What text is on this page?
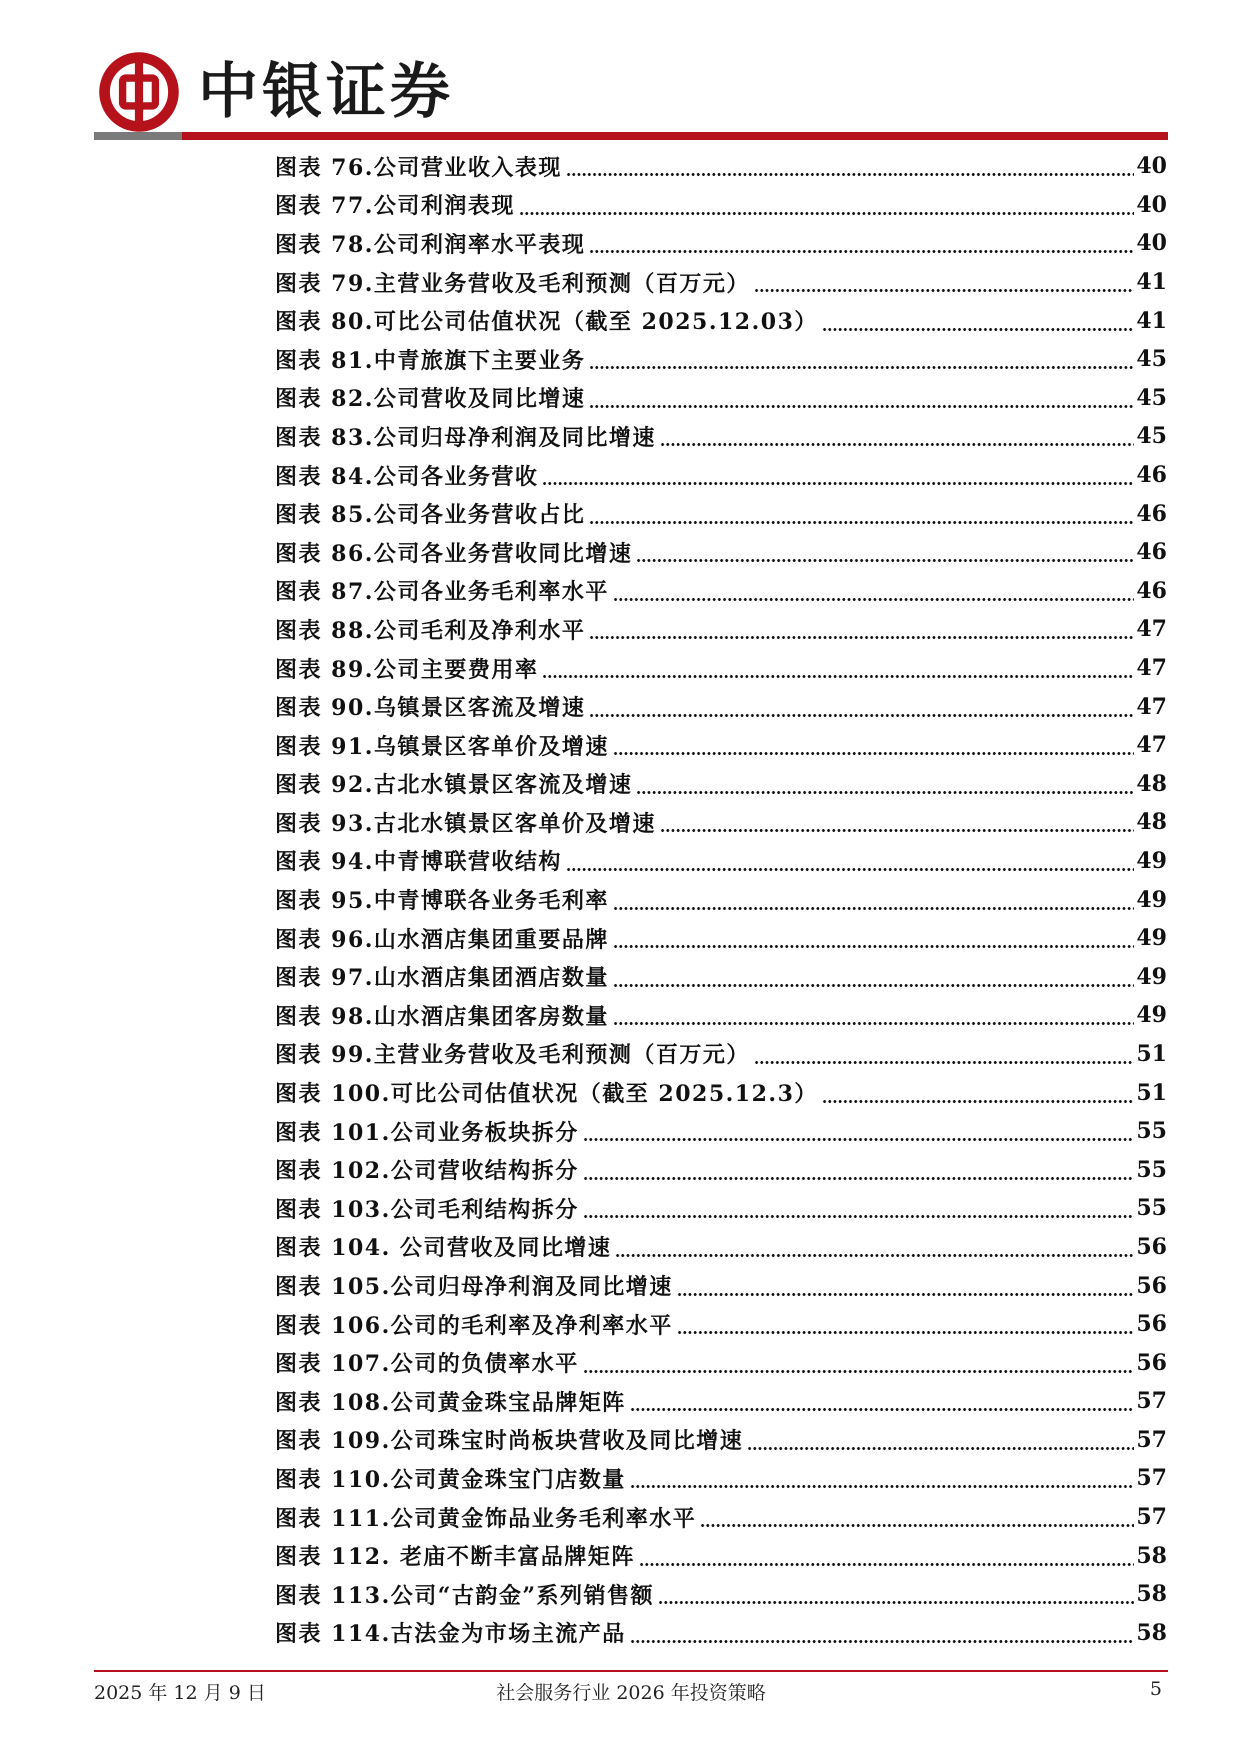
中银证券
图表 76.公司营业收入表现	40
图表 77.公司利润表现	40
图表 78.公司利润率水平表现	40
图表 79.主营业务营收及毛利预测（百万元）	41
图表 80.可比公司估值状况（截至 2025.12.03）	41
图表 81.中青旅旗下主要业务	45
图表 82.公司营收及同比增速	45
图表 83.公司归母净利润及同比增速	45
图表 84.公司各业务营收	46
图表 85.公司各业务营收占比	46
图表 86.公司各业务营收同比增速	46
图表 87.公司各业务毛利率水平	46
图表 88.公司毛利及净利水平	47
图表 89.公司主要费用率	47
图表 90.乌镇景区客流及增速	47
图表 91.乌镇景区客单价及增速	47
图表 92.古北水镇景区客流及增速	48
图表 93.古北水镇景区客单价及增速	48
图表 94.中青博联营收结构	49
图表 95.中青博联各业务毛利率	49
图表 96.山水酒店集团重要品牌	49
图表 97.山水酒店集团酒店数量	49
图表 98.山水酒店集团客房数量	49
图表 99.主营业务营收及毛利预测（百万元）	51
图表 100.可比公司估值状况（截至 2025.12.3）	51
图表 101.公司业务板块拆分	55
图表 102.公司营收结构拆分	55
图表 103.公司毛利结构拆分	55
图表 104. 公司营收及同比增速	56
图表 105.公司归母净利润及同比增速	56
图表 106.公司的毛利率及净利率水平	56
图表 107.公司的负债率水平	56
图表 108.公司黄金珠宝品牌矩阵	57
图表 109.公司珠宝时尚板块营收及同比增速	57
图表 110.公司黄金珠宝门店数量	57
图表 111.公司黄金饰品业务毛利率水平	57
图表 112. 老庙不断丰富品牌矩阵	58
图表 113.公司“古韵金”系列销售额	58
图表 114.古法金为市场主流产品	58
2025 年 12 月 9 日	社会服务行业 2026 年投资策略	5
